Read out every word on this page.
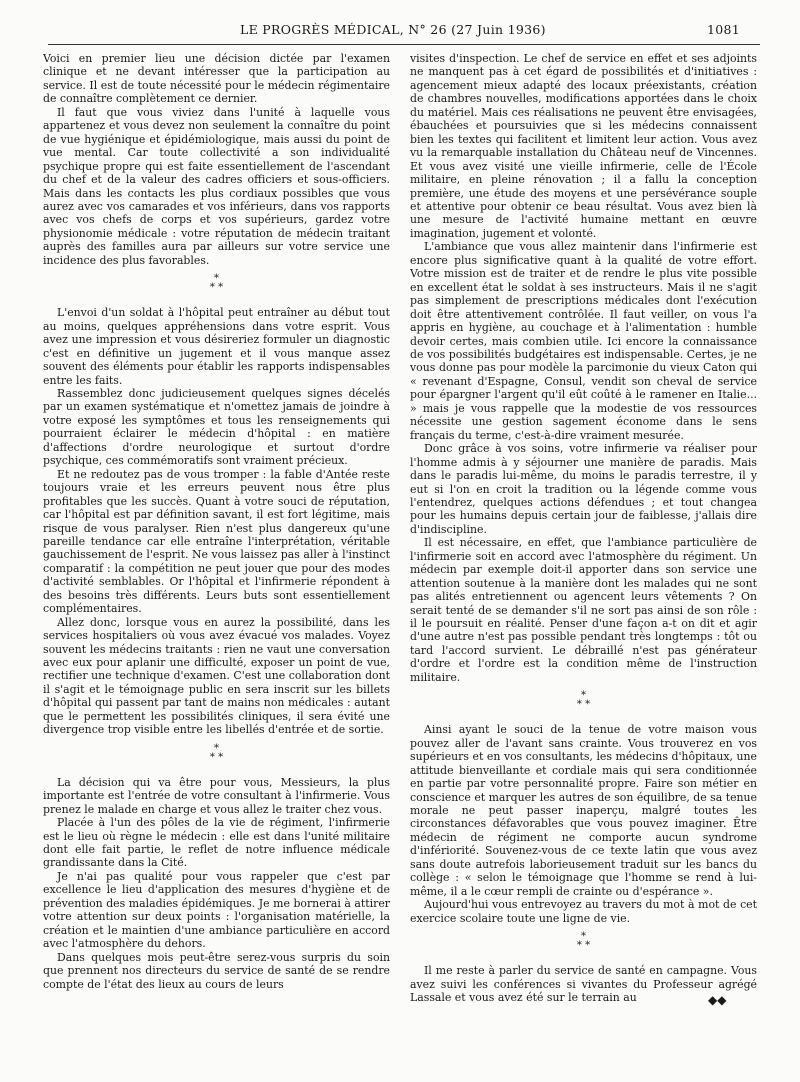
LE PROGRÈS MÉDICAL, N° 26 (27 Juin 1936)	1081

Voici en premier lieu une décision dictée par l'examen clinique et ne devant intéresser que la participation au service. Il est de toute nécessité pour le médecin régimentaire de connaître complètement ce dernier.

Il faut que vous viviez dans l'unité à laquelle vous appartenez et vous devez non seulement la connaître du point de vue hygiénique et épidémiologique, mais aussi du point de vue mental. Car toute collectivité a son individualité psychique propre qui est faite essentiellement de l'ascendant du chef et de la valeur des cadres officiers et sous-officiers. Mais dans les contacts les plus cordiaux possibles que vous aurez avec vos camarades et vos inférieurs, dans vos rapports avec vos chefs de corps et vos supérieurs, gardez votre physionomie médicale : votre réputation de médecin traitant auprès des familles aura par ailleurs sur votre service une incidence des plus favorables.

*
* *

L'envoi d'un soldat à l'hôpital peut entraîner au début tout au moins, quelques appréhensions dans votre esprit. Vous avez une impression et vous désireriez formuler un diagnostic c'est en définitive un jugement et il vous manque assez souvent des éléments pour établir les rapports indispensables entre les faits.

Rassemblez donc judicieusement quelques signes décelés par un examen systématique et n'omettez jamais de joindre à votre exposé les symptômes et tous les renseignements qui pourraient éclairer le médecin d'hôpital : en matière d'affections d'ordre neurologique et surtout d'ordre psychique, ces commémoratifs sont vraiment précieux.

Et ne redoutez pas de vous tromper : la fable d'Antée reste toujours vraie et les erreurs peuvent nous être plus profitables que les succès. Quant à votre souci de réputation, car l'hôpital est par définition savant, il est fort légitime, mais risque de vous paralyser. Rien n'est plus dangereux qu'une pareille tendance car elle entraîne l'interprétation, véritable gauchissement de l'esprit. Ne vous laissez pas aller à l'instinct comparatif : la compétition ne peut jouer que pour des modes d'activité semblables. Or l'hôpital et l'infirmerie répondent à des besoins très différents. Leurs buts sont essentiellement complémentaires.

Allez donc, lorsque vous en aurez la possibilité, dans les services hospitaliers où vous avez évacué vos malades. Voyez souvent les médecins traitants : rien ne vaut une conversation avec eux pour aplanir une difficulté, exposer un point de vue, rectifier une technique d'examen. C'est une collaboration dont il s'agit et le témoignage public en sera inscrit sur les billets d'hôpital qui passent par tant de mains non médicales : autant que le permettent les possibilités cliniques, il sera évité une divergence trop visible entre les libellés d'entrée et de sortie.

*
* *

La décision qui va être pour vous, Messieurs, la plus importante est l'entrée de votre consultant à l'infirmerie. Vous prenez le malade en charge et vous allez le traiter chez vous.

Placée à l'un des pôles de la vie de régiment, l'infirmerie est le lieu où règne le médecin : elle est dans l'unité militaire dont elle fait partie, le reflet de notre influence médicale grandissante dans la Cité.

Je n'ai pas qualité pour vous rappeler que c'est par excellence le lieu d'application des mesures d'hygiène et de prévention des maladies épidémiques. Je me bornerai à attirer votre attention sur deux points : l'organisation matérielle, la création et le maintien d'une ambiance particulière en accord avec l'atmosphère du dehors.

Dans quelques mois peut-être serez-vous surpris du soin que prennent nos directeurs du service de santé de se rendre compte de l'état des lieux au cours de leurs

visites d'inspection. Le chef de service en effet et ses adjoints ne manquent pas à cet égard de possibilités et d'initiatives : agencement mieux adapté des locaux préexistants, création de chambres nouvelles, modifications apportées dans le choix du matériel. Mais ces réalisations ne peuvent être envisagées, ébauchées et poursuivies que si les médecins connaissent bien les textes qui facilitent et limitent leur action. Vous avez vu la remarquable installation du Château neuf de Vincennes. Et vous avez visité une vieille infirmerie, celle de l'École militaire, en pleine rénovation ; il a fallu la conception première, une étude des moyens et une persévérance souple et attentive pour obtenir ce beau résultat. Vous avez bien là une mesure de l'activité humaine mettant en œuvre imagination, jugement et volonté.

L'ambiance que vous allez maintenir dans l'infirmerie est encore plus significative quant à la qualité de votre effort. Votre mission est de traiter et de rendre le plus vite possible en excellent état le soldat à ses instructeurs. Mais il ne s'agit pas simplement de prescriptions médicales dont l'exécution doit être attentivement contrôlée. Il faut veiller, on vous l'a appris en hygiène, au couchage et à l'alimentation : humble devoir certes, mais combien utile. Ici encore la connaissance de vos possibilités budgétaires est indispensable. Certes, je ne vous donne pas pour modèle la parcimonie du vieux Caton qui « revenant d'Espagne, Consul, vendit son cheval de service pour épargner l'argent qu'il eût coûté à le ramener en Italie... » mais je vous rappelle que la modestie de vos ressources nécessite une gestion sagement économe dans le sens français du terme, c'est-à-dire vraiment mesurée.

Donc grâce à vos soins, votre infirmerie va réaliser pour l'homme admis à y séjourner une manière de paradis. Mais dans le paradis lui-même, du moins le paradis terrestre, il y eut si l'on en croit la tradition ou la légende comme vous l'entendrez, quelques actions défendues ; et tout changea pour les humains depuis certain jour de faiblesse, j'allais dire d'indiscipline.

Il est nécessaire, en effet, que l'ambiance particulière de l'infirmerie soit en accord avec l'atmosphère du régiment. Un médecin par exemple doit-il apporter dans son service une attention soutenue à la manière dont les malades qui ne sont pas alités entretiennent ou agencent leurs vêtements ? On serait tenté de se demander s'il ne sort pas ainsi de son rôle : il le poursuit en réalité. Penser d'une façon a-t on dit et agir d'une autre n'est pas possible pendant très longtemps : tôt ou tard l'accord survient. Le débraillé n'est pas générateur d'ordre et l'ordre est la condition même de l'instruction militaire.

*
* *

Ainsi ayant le souci de la tenue de votre maison vous pouvez aller de l'avant sans crainte. Vous trouverez en vos supérieurs et en vos consultants, les médecins d'hôpitaux, une attitude bienveillante et cordiale mais qui sera conditionnée en partie par votre personnalité propre. Faire son métier en conscience et marquer les autres de son équilibre, de sa tenue morale ne peut passer inaperçu, malgré toutes les circonstances défavorables que vous pouvez imaginer. Être médecin de régiment ne comporte aucun syndrome d'infériorité. Souvenez-vous de ce texte latin que vous avez sans doute autrefois laborieusement traduit sur les bancs du collège : « selon le témoignage que l'homme se rend à lui-même, il a le cœur rempli de crainte ou d'espérance ».

Aujourd'hui vous entrevoyez au travers du mot à mot de cet exercice scolaire toute une ligne de vie.

*
* *

Il me reste à parler du service de santé en campagne. Vous avez suivi les conférences si vivantes du Professeur agrégé Lassale et vous avez été sur le terrain au	◆◆
